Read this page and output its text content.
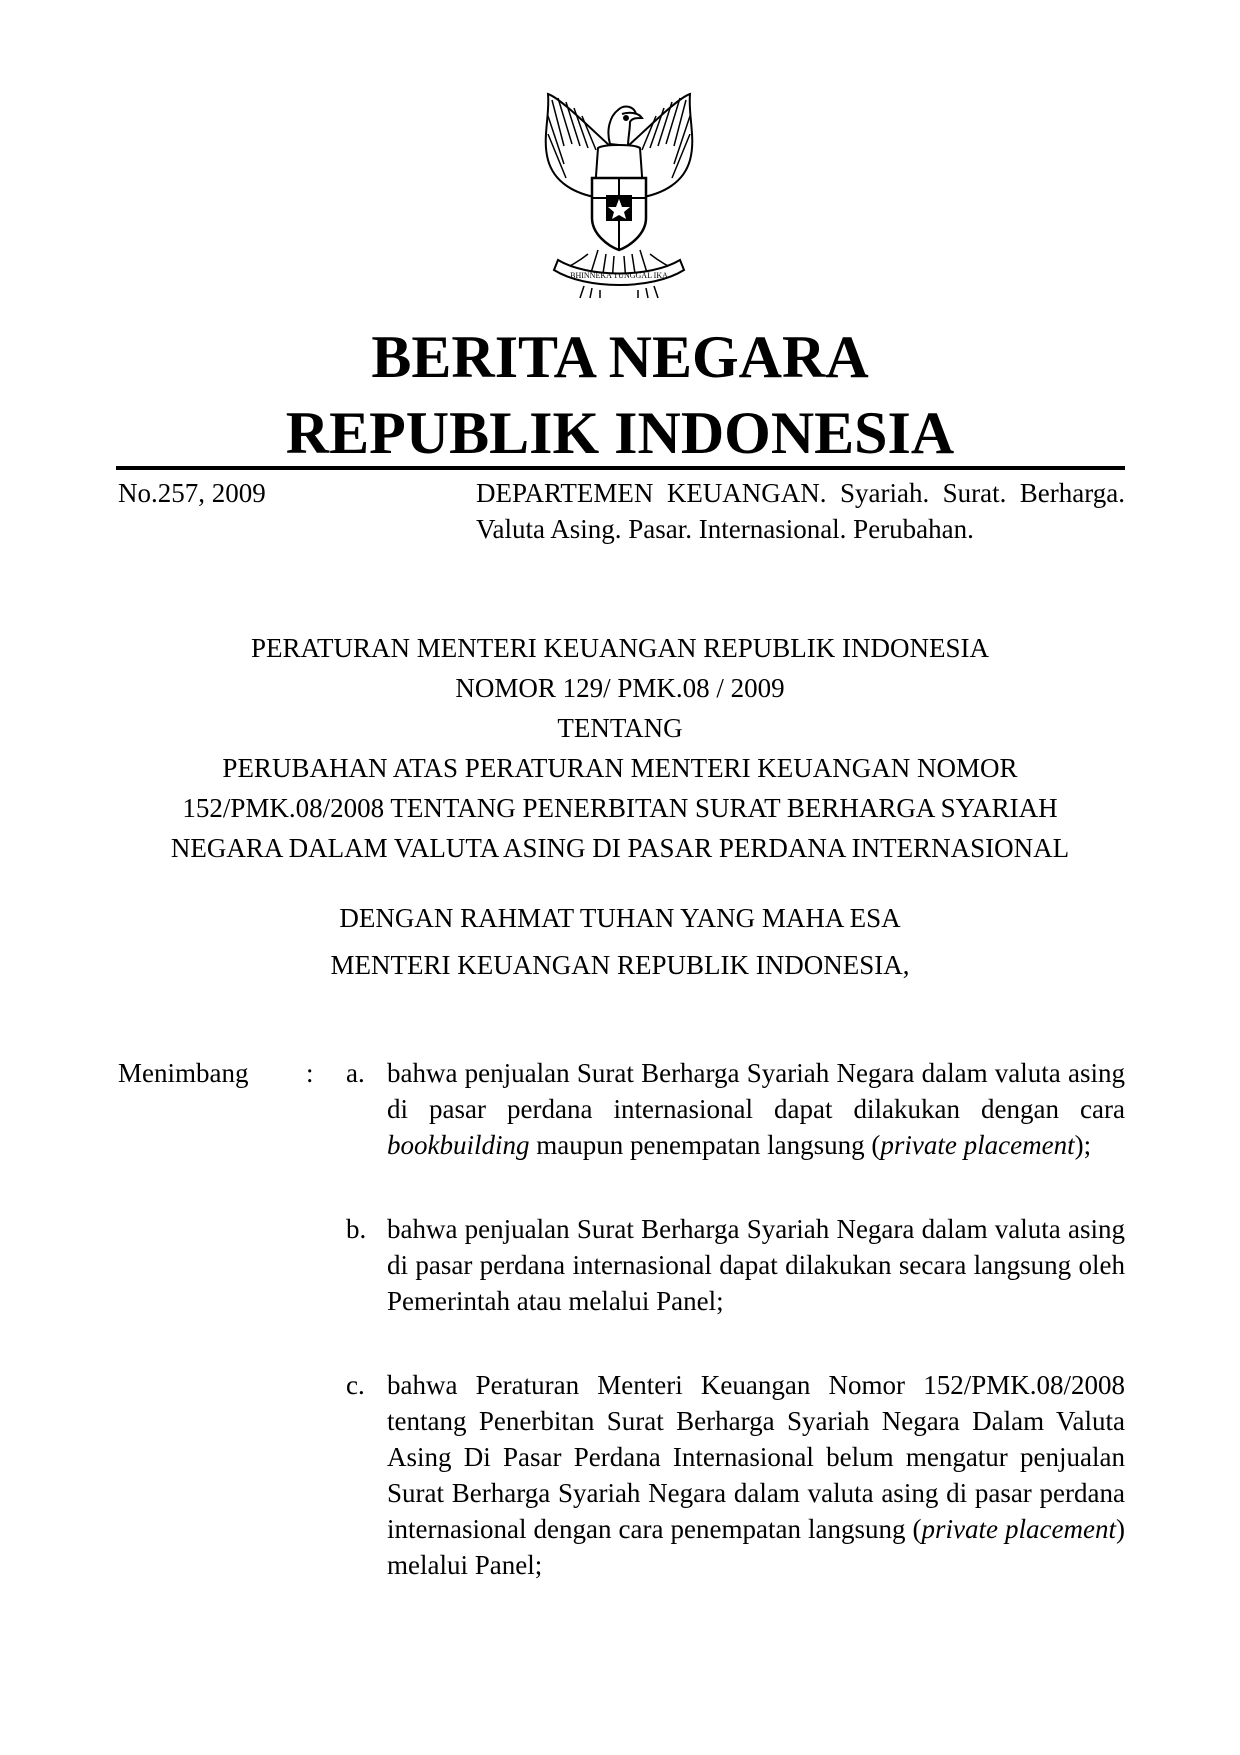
BHINNEKA TUNGGAL IKA
BERITA NEGARA
REPUBLIK INDONESIA
No.257, 2009	DEPARTEMEN KEUANGAN. Syariah. Surat. Berharga. Valuta Asing. Pasar. Internasional. Perubahan.
PERATURAN MENTERI KEUANGAN REPUBLIK INDONESIA
NOMOR 129/ PMK.08 / 2009
TENTANG
PERUBAHAN ATAS PERATURAN MENTERI KEUANGAN NOMOR
152/PMK.08/2008 TENTANG PENERBITAN SURAT BERHARGA SYARIAH
NEGARA DALAM VALUTA ASING DI PASAR PERDANA INTERNASIONAL
DENGAN RAHMAT TUHAN YANG MAHA ESA
MENTERI KEUANGAN REPUBLIK INDONESIA,
Menimbang : a. bahwa penjualan Surat Berharga Syariah Negara dalam valuta asing di pasar perdana internasional dapat dilakukan dengan cara bookbuilding maupun penempatan langsung (private placement);
b. bahwa penjualan Surat Berharga Syariah Negara dalam valuta asing di pasar perdana internasional dapat dilakukan secara langsung oleh Pemerintah atau melalui Panel;
c. bahwa Peraturan Menteri Keuangan Nomor 152/PMK.08/2008 tentang Penerbitan Surat Berharga Syariah Negara Dalam Valuta Asing Di Pasar Perdana Internasional belum mengatur penjualan Surat Berharga Syariah Negara dalam valuta asing di pasar perdana internasional dengan cara penempatan langsung (private placement) melalui Panel;
